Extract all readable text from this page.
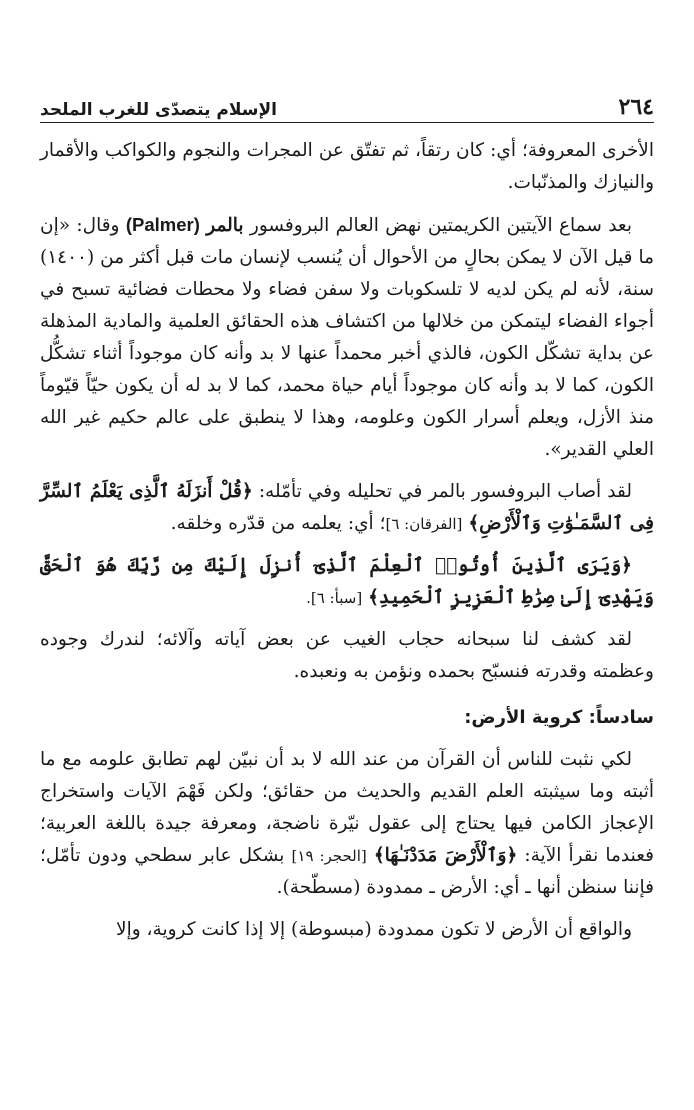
٢٦٤
الإسلام يتصدّى للغرب الملحد

الأخرى المعروفة؛ أي: كان رتقاً، ثم تفتّق عن المجرات والنجوم والكواكب والأقمار والنيازك والمذنّبات.

بعد سماع الآيتين الكريمتين نهض العالم البروفسور بالمر (Palmer) وقال: «إن ما قيل الآن لا يمكن بحالٍ من الأحوال أن يُنسب لإنسان مات قبل أكثر من (١٤٠٠) سنة، لأنه لم يكن لديه لا تلسكوبات ولا سفن فضاء ولا محطات فضائية تسبح في أجواء الفضاء ليتمكن من خلالها من اكتشاف هذه الحقائق العلمية والمادية المذهلة عن بداية تشكّل الكون، فالذي أخبر محمداً عنها لا بد وأنه كان موجوداً أثناء تشكُّل الكون، كما لا بد وأنه كان موجوداً أيام حياة محمد، كما لا بد له أن يكون حيّاً قيّوماً منذ الأزل، ويعلم أسرار الكون وعلومه، وهذا لا ينطبق على عالم حكيم غير الله العلي القدير».

لقد أصاب البروفسور بالمر في تحليله وفي تأمّله: ﴿قُلْ أَنزَلَهُ ٱلَّذِى يَعْلَمُ ٱلسِّرَّ فِى ٱلسَّمَـٰوَٰتِ وَٱلْأَرْضِ﴾ [الفرقان: ٦]؛ أي: يعلمه من قدّره وخلقه.

﴿وَيَرَى ٱلَّذِينَ أُوتُوا۟ ٱلْعِلْمَ ٱلَّذِىٓ أُنزِلَ إِلَيْكَ مِن رَّبِّكَ هُوَ ٱلْحَقَّ وَيَهْدِىٓ إِلَىٰ صِرَٰطِ ٱلْعَزِيزِ ٱلْحَمِيدِ﴾ [سبأ: ٦].

لقد كشف لنا سبحانه حجاب الغيب عن بعض آياته وآلائه؛ لندرك وجوده وعظمته وقدرته فنسبّح بحمده ونؤمن به ونعبده.

سادساً: كروية الأرض:

لكي نثبت للناس أن القرآن من عند الله لا بد أن نبيّن لهم تطابق علومه مع ما أثبته وما سيثبته العلم القديم والحديث من حقائق؛ ولكن فَهْمَ الآيات واستخراج الإعجاز الكامن فيها يحتاج إلى عقول نيّرة ناضجة، ومعرفة جيدة باللغة العربية؛ فعندما نقرأ الآية: ﴿وَٱلْأَرْضَ مَدَدْنَـٰهَا﴾ [الحجر: ١٩] بشكل عابر سطحي ودون تأمّل؛ فإننا سنظن أنها ـ أي: الأرض ـ ممدودة (مسطّحة).

والواقع أن الأرض لا تكون ممدودة (مبسوطة) إلا إذا كانت كروية، وإلا
